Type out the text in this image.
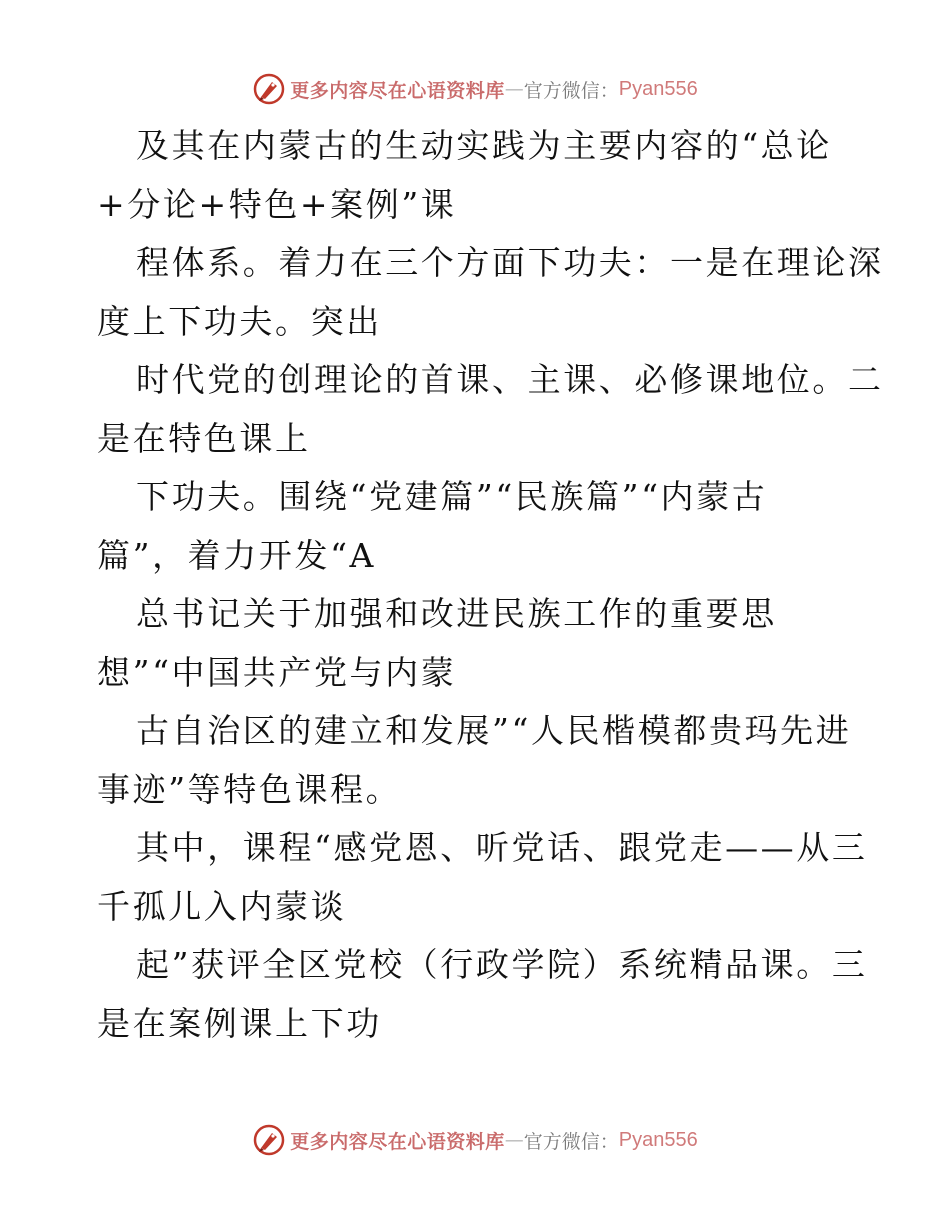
更多内容尽在心语资料库 — 官方微信： Pyan556
及其在内蒙古的生动实践为主要内容的“总论
+分论+特色+案例”课
程体系。着力在三个方面下功夫：一是在理论深
度上下功夫。突出
时代党的创理论的首课、主课、必修课地位。二
是在特色课上
下功夫。围绕“党建篇”“民族篇”“内蒙古
篇”，着力开发“A
总书记关于加强和改进民族工作的重要思
想”“中国共产党与内蒙
古自治区的建立和发展”“人民楷模都贵玛先进
事迹”等特色课程。
其中，课程“感党恩、听党话、跟党走——从三
千孤儿入内蒙谈
起”获评全区党校（行政学院）系统精品课。三
是在案例课上下功
更多内容尽在心语资料库 — 官方微信： Pyan556
